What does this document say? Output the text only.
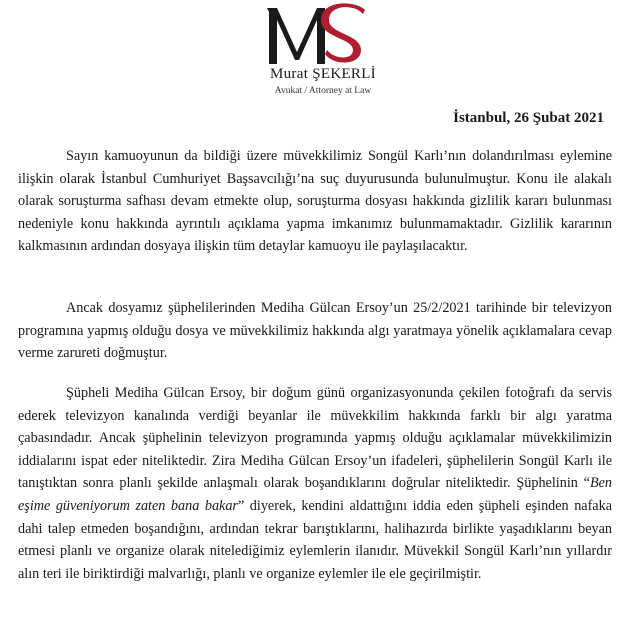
Murat ŞEKERLİ
Avukat / Attorney at Law
İstanbul, 26 Şubat 2021

Sayın kamuoyunun da bildiği üzere müvekkilimiz Songül Karlı’nın dolandırılması eylemine ilişkin olarak İstanbul Cumhuriyet Başsavcılığı’na suç duyurusunda bulunulmuştur. Konu ile alakalı olarak soruşturma safhası devam etmekte olup, soruşturma dosyası hakkında gizlilik kararı bulunması nedeniyle konu hakkında ayrıntılı açıklama yapma imkanımız bulunmamaktadır. Gizlilik kararının kalkmasının ardından dosyaya ilişkin tüm detaylar kamuoyu ile paylaşılacaktır.

Ancak dosyamız şüphelilerinden Mediha Gülcan Ersoy’un 25/2/2021 tarihinde bir televizyon programına yapmış olduğu dosya ve müvekkilimiz hakkında algı yaratmaya yönelik açıklamalara cevap verme zarureti doğmuştur.

Şüpheli Mediha Gülcan Ersoy, bir doğum günü organizasyonunda çekilen fotoğrafı da servis ederek televizyon kanalında verdiği beyanlar ile müvekkilim hakkında farklı bir algı yaratma çabasındadır. Ancak şüphelinin televizyon programında yapmış olduğu açıklamalar müvekkilimizin iddialarını ispat eder niteliktedir. Zira Mediha Gülcan Ersoy’un ifadeleri, şüphelilerin Songül Karlı ile tanıştıktan sonra planlı şekilde anlaşmalı olarak boşandıklarını doğrular niteliktedir. Şüphelinin “Ben eşime güveniyorum zaten bana bakar” diyerek, kendini aldattığını iddia eden şüpheli eşinden nafaka dahi talep etmeden boşandığını, ardından tekrar barıştıklarını, halihazırda birlikte yaşadıklarını beyan etmesi planlı ve organize olarak nitelediğimiz eylemlerin ilanıdır. Müvekkil Songül Karlı’nın yıllardır alın teri ile biriktirdiği malvarlığı, planlı ve organize eylemler ile ele geçirilmiştir.
